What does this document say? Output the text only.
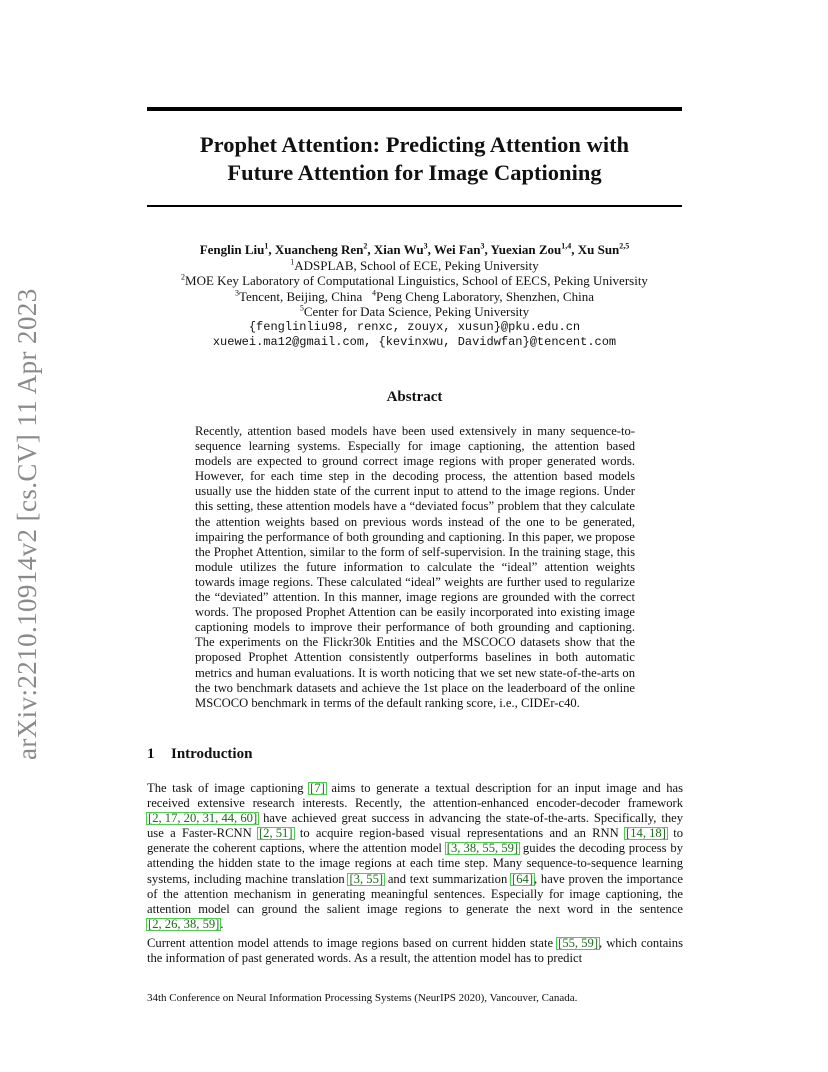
arXiv:2210.10914v2 [cs.CV] 11 Apr 2023
Prophet Attention: Predicting Attention with
Future Attention for Image Captioning
Fenglin Liu$^1$, Xuancheng Ren$^2$, Xian Wu$^3$, Wei Fan$^3$, Yuexian Zou$^{1,4}$, Xu Sun$^{2,5}$
$^1$ADSPLAB, School of ECE, Peking University
$^2$MOE Key Laboratory of Computational Linguistics, School of EECS, Peking University
$^3$Tencent, Beijing, China $^4$Peng Cheng Laboratory, Shenzhen, China
$^5$Center for Data Science, Peking University
{fenglinliu98, renxc, zouyx, xusun}@pku.edu.cn
xuewei.ma12@gmail.com, {kevinxwu, Davidwfan}@tencent.com
Abstract
Recently, attention based models have been used extensively in many sequence-to-sequence learning systems. Especially for image captioning, the attention based models are expected to ground correct image regions with proper generated words. However, for each time step in the decoding process, the attention based models usually use the hidden state of the current input to attend to the image regions. Under this setting, these attention models have a “deviated focus” problem that they calculate the attention weights based on previous words instead of the one to be generated, impairing the performance of both grounding and captioning. In this paper, we propose the Prophet Attention, similar to the form of self-supervision. In the training stage, this module utilizes the future information to calculate the “ideal” attention weights towards image regions. These calculated “ideal” weights are further used to regularize the “deviated” attention. In this manner, image regions are grounded with the correct words. The proposed Prophet Attention can be easily incorporated into existing image captioning models to improve their performance of both grounding and captioning. The experiments on the Flickr30k Entities and the MSCOCO datasets show that the proposed Prophet Attention consistently outperforms baselines in both automatic metrics and human evaluations. It is worth noticing that we set new state-of-the-arts on the two benchmark datasets and achieve the 1st place on the leaderboard of the online MSCOCO benchmark in terms of the default ranking score, i.e., CIDEr-c40.
1 Introduction
The task of image captioning [7] aims to generate a textual description for an input image and has received extensive research interests. Recently, the attention-enhanced encoder-decoder framework [2, 17, 20, 31, 44, 60] have achieved great success in advancing the state-of-the-arts. Specifically, they use a Faster-RCNN [2, 51] to acquire region-based visual representations and an RNN [14, 18] to generate the coherent captions, where the attention model [3, 38, 55, 59] guides the decoding process by attending the hidden state to the image regions at each time step. Many sequence-to-sequence learning systems, including machine translation [3, 55] and text summarization [64], have proven the importance of the attention mechanism in generating meaningful sentences. Especially for image captioning, the attention model can ground the salient image regions to generate the next word in the sentence [2, 26, 38, 59].
Current attention model attends to image regions based on current hidden state [55, 59], which contains the information of past generated words. As a result, the attention model has to predict
34th Conference on Neural Information Processing Systems (NeurIPS 2020), Vancouver, Canada.
